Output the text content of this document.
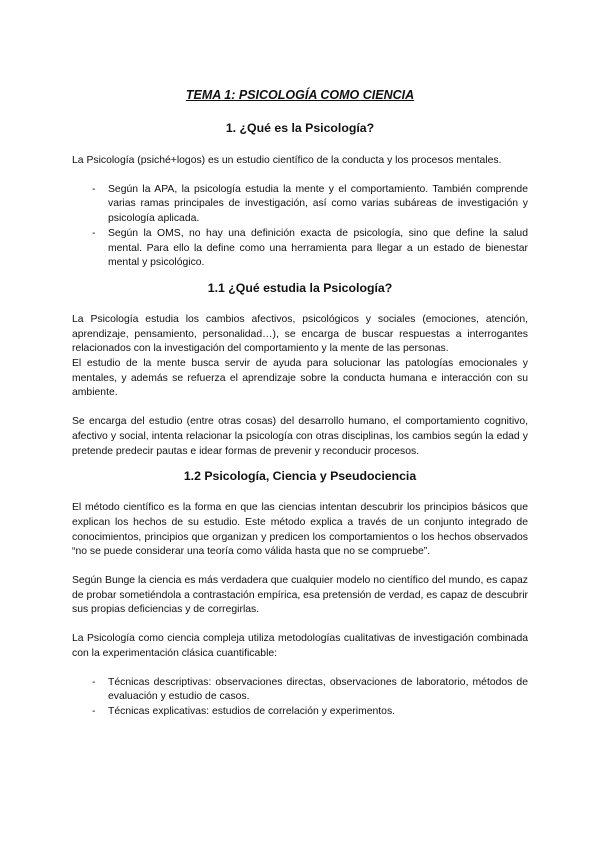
TEMA 1: PSICOLOGÍA COMO CIENCIA
1. ¿Qué es la Psicología?

La Psicología (psiché+logos) es un estudio científico de la conducta y los procesos mentales.

- Según la APA, la psicología estudia la mente y el comportamiento. También comprende varias ramas principales de investigación, así como varias subáreas de investigación y psicología aplicada.

- Según la OMS, no hay una definición exacta de psicología, sino que define la salud mental. Para ello la define como una herramienta para llegar a un estado de bienestar mental y psicológico.

1.1 ¿Qué estudia la Psicología?

La Psicología estudia los cambios afectivos, psicológicos y sociales (emociones, atención, aprendizaje, pensamiento, personalidad…), se encarga de buscar respuestas a interrogantes relacionados con la investigación del comportamiento y la mente de las personas.

El estudio de la mente busca servir de ayuda para solucionar las patologías emocionales y mentales, y además se refuerza el aprendizaje sobre la conducta humana e interacción con su ambiente.

Se encarga del estudio (entre otras cosas) del desarrollo humano, el comportamiento cognitivo, afectivo y social, intenta relacionar la psicología con otras disciplinas, los cambios según la edad y pretende predecir pautas e idear formas de prevenir y reconducir procesos.

1.2 Psicología, Ciencia y Pseudociencia

El método científico es la forma en que las ciencias intentan descubrir los principios básicos que explican los hechos de su estudio. Este método explica a través de un conjunto integrado de conocimientos, principios que organizan y predicen los comportamientos o los hechos observados “no se puede considerar una teoría como válida hasta que no se compruebe”.

Según Bunge la ciencia es más verdadera que cualquier modelo no científico del mundo, es capaz de probar sometiéndola a contrastación empírica, esa pretensión de verdad, es capaz de descubrir sus propias deficiencias y de corregirlas.

La Psicología como ciencia compleja utiliza metodologías cualitativas de investigación combinada con la experimentación clásica cuantificable:

- Técnicas descriptivas: observaciones directas, observaciones de laboratorio, métodos de evaluación y estudio de casos.

- Técnicas explicativas: estudios de correlación y experimentos.
